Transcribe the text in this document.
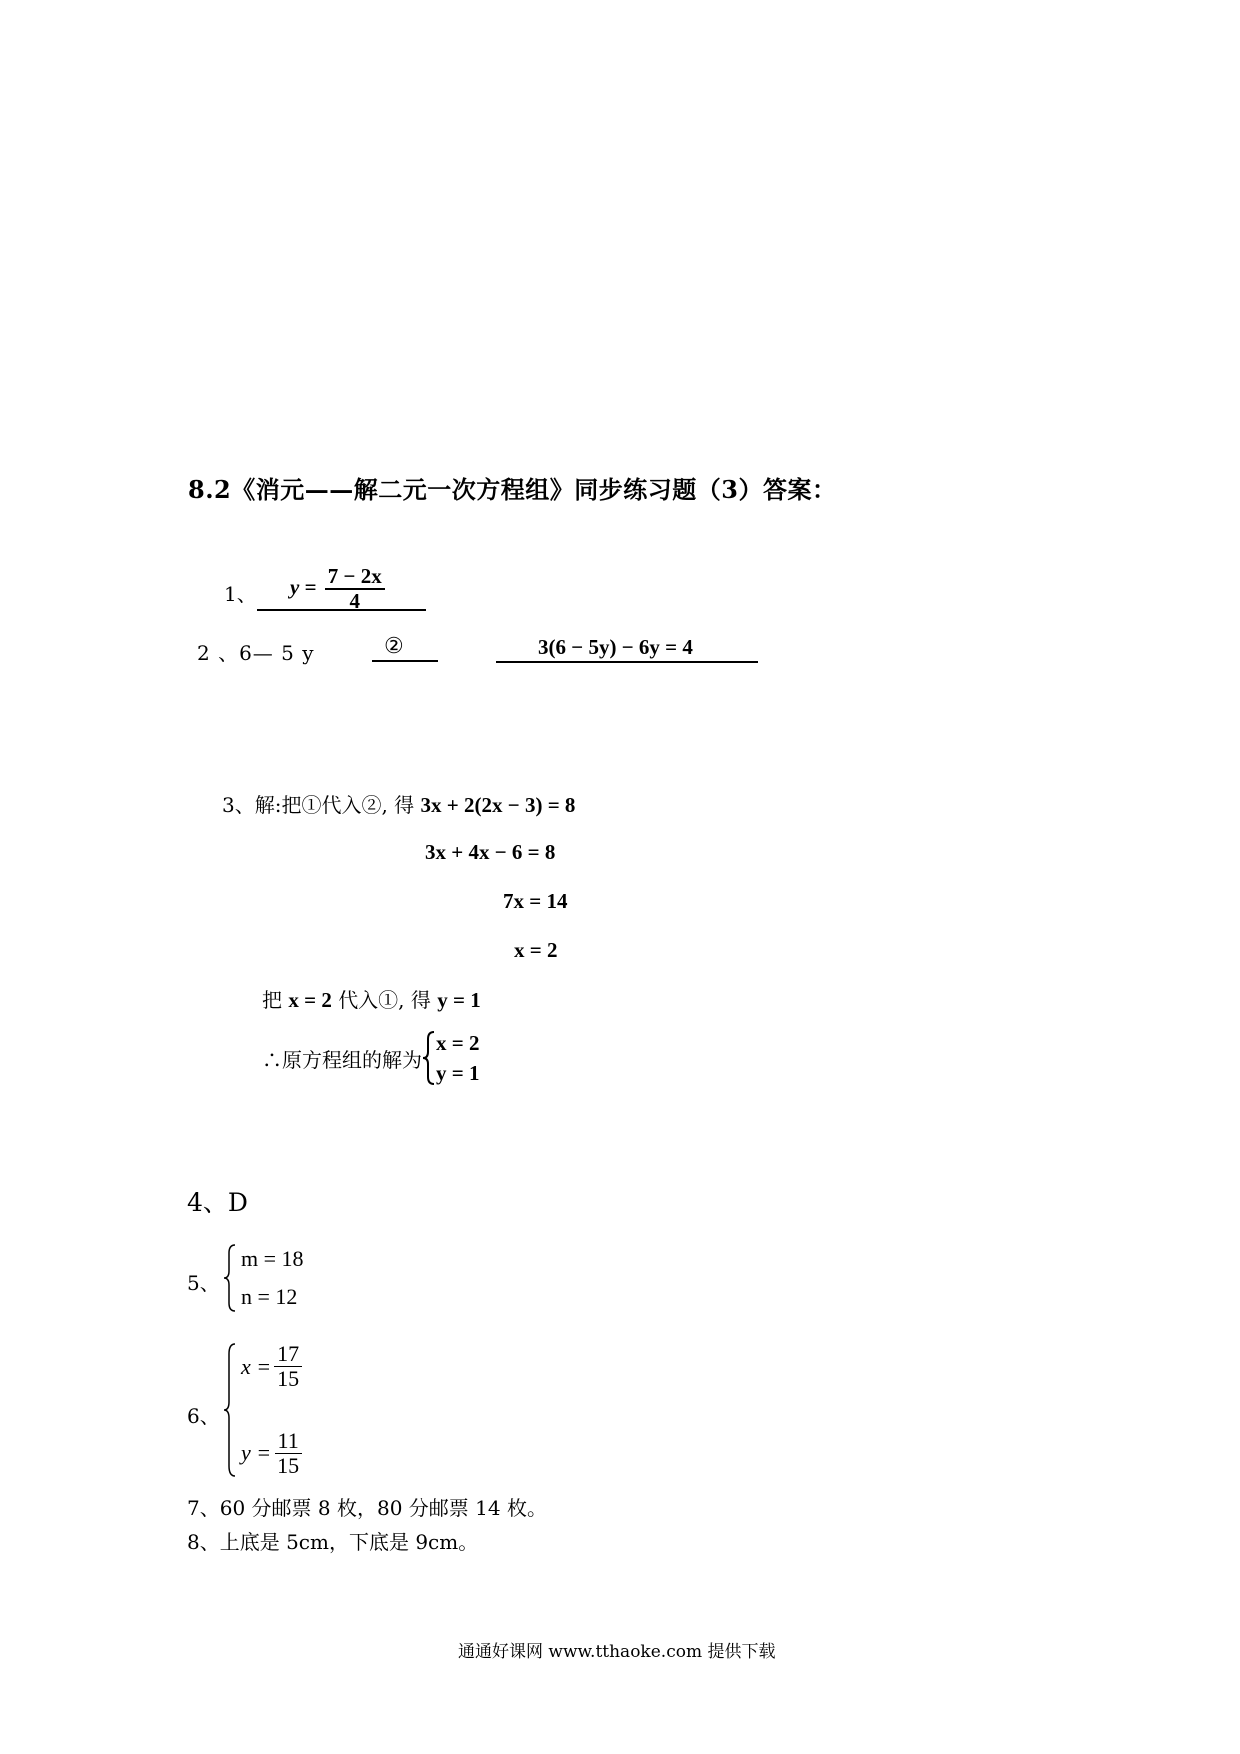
8.2《消元——解二元一次方程组》同步练习题（3）答案：
1、 $y = \frac{7 - 2x}{4}$
2 、6— 5 y	②	3(6 − 5y) − 6y = 4
3、解:把①代入②, 得 3x + 2(2x − 3) = 8
3x + 4x − 6 = 8
7x = 14
x = 2
把 x = 2 代入①, 得 y = 1
∴原方程组的解为
x = 2
y = 1
4、D
5、
m = 18
n = 12
6、
$x = \frac{17}{15}$
$y = \frac{11}{15}$
7、60 分邮票 8 枚，80 分邮票 14 枚。
8、上底是 5cm，下底是 9cm。
通通好课网 www.tthaoke.com 提供下载
